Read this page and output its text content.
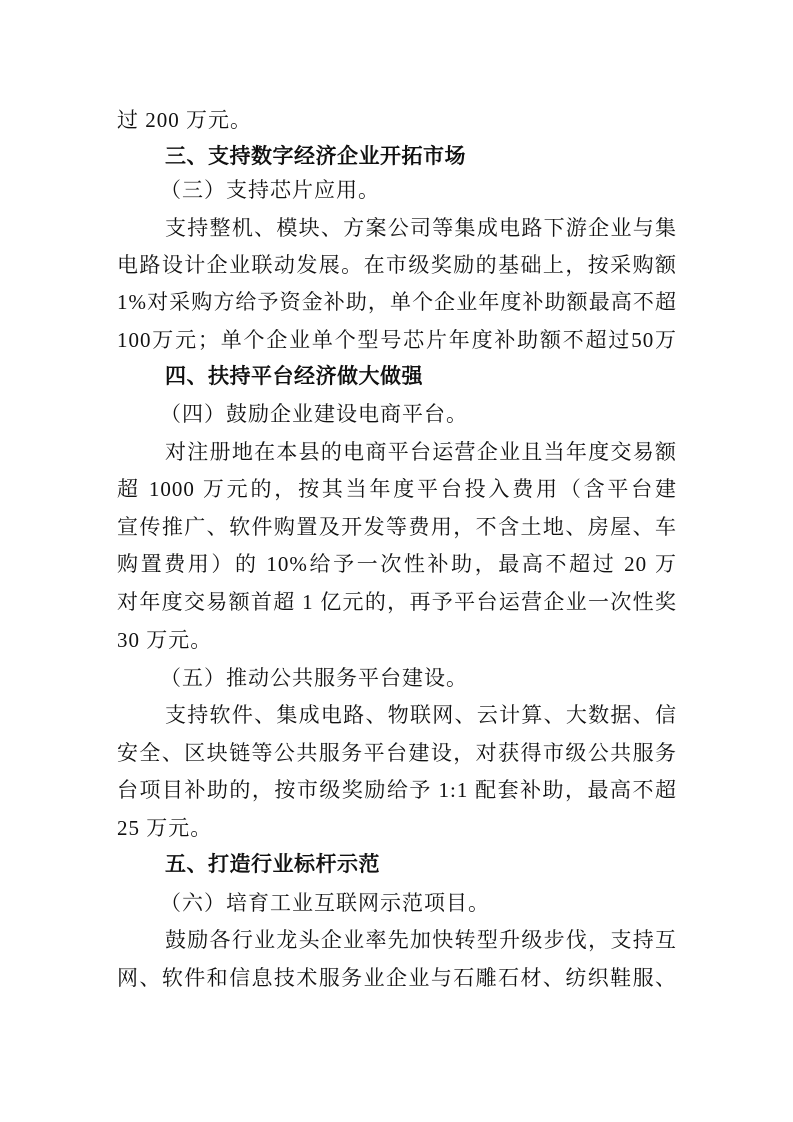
过 200 万元。
三、支持数字经济企业开拓市场
（三）支持芯片应用。
支持整机、模块、方案公司等集成电路下游企业与集
电路设计企业联动发展。在市级奖励的基础上，按采购额
1%对采购方给予资金补助，单个企业年度补助额最高不超
100万元；单个企业单个型号芯片年度补助额不超过50万
四、扶持平台经济做大做强
（四）鼓励企业建设电商平台。
对注册地在本县的电商平台运营企业且当年度交易额
超 1000 万元的，按其当年度平台投入费用（含平台建
宣传推广、软件购置及开发等费用，不含土地、房屋、车
购置费用）的 10%给予一次性补助，最高不超过 20 万
对年度交易额首超 1 亿元的，再予平台运营企业一次性奖
30 万元。
（五）推动公共服务平台建设。
支持软件、集成电路、物联网、云计算、大数据、信
安全、区块链等公共服务平台建设，对获得市级公共服务
台项目补助的，按市级奖励给予 1:1 配套补助，最高不超
25 万元。
五、打造行业标杆示范
（六）培育工业互联网示范项目。
鼓励各行业龙头企业率先加快转型升级步伐，支持互
网、软件和信息技术服务业企业与石雕石材、纺织鞋服、
